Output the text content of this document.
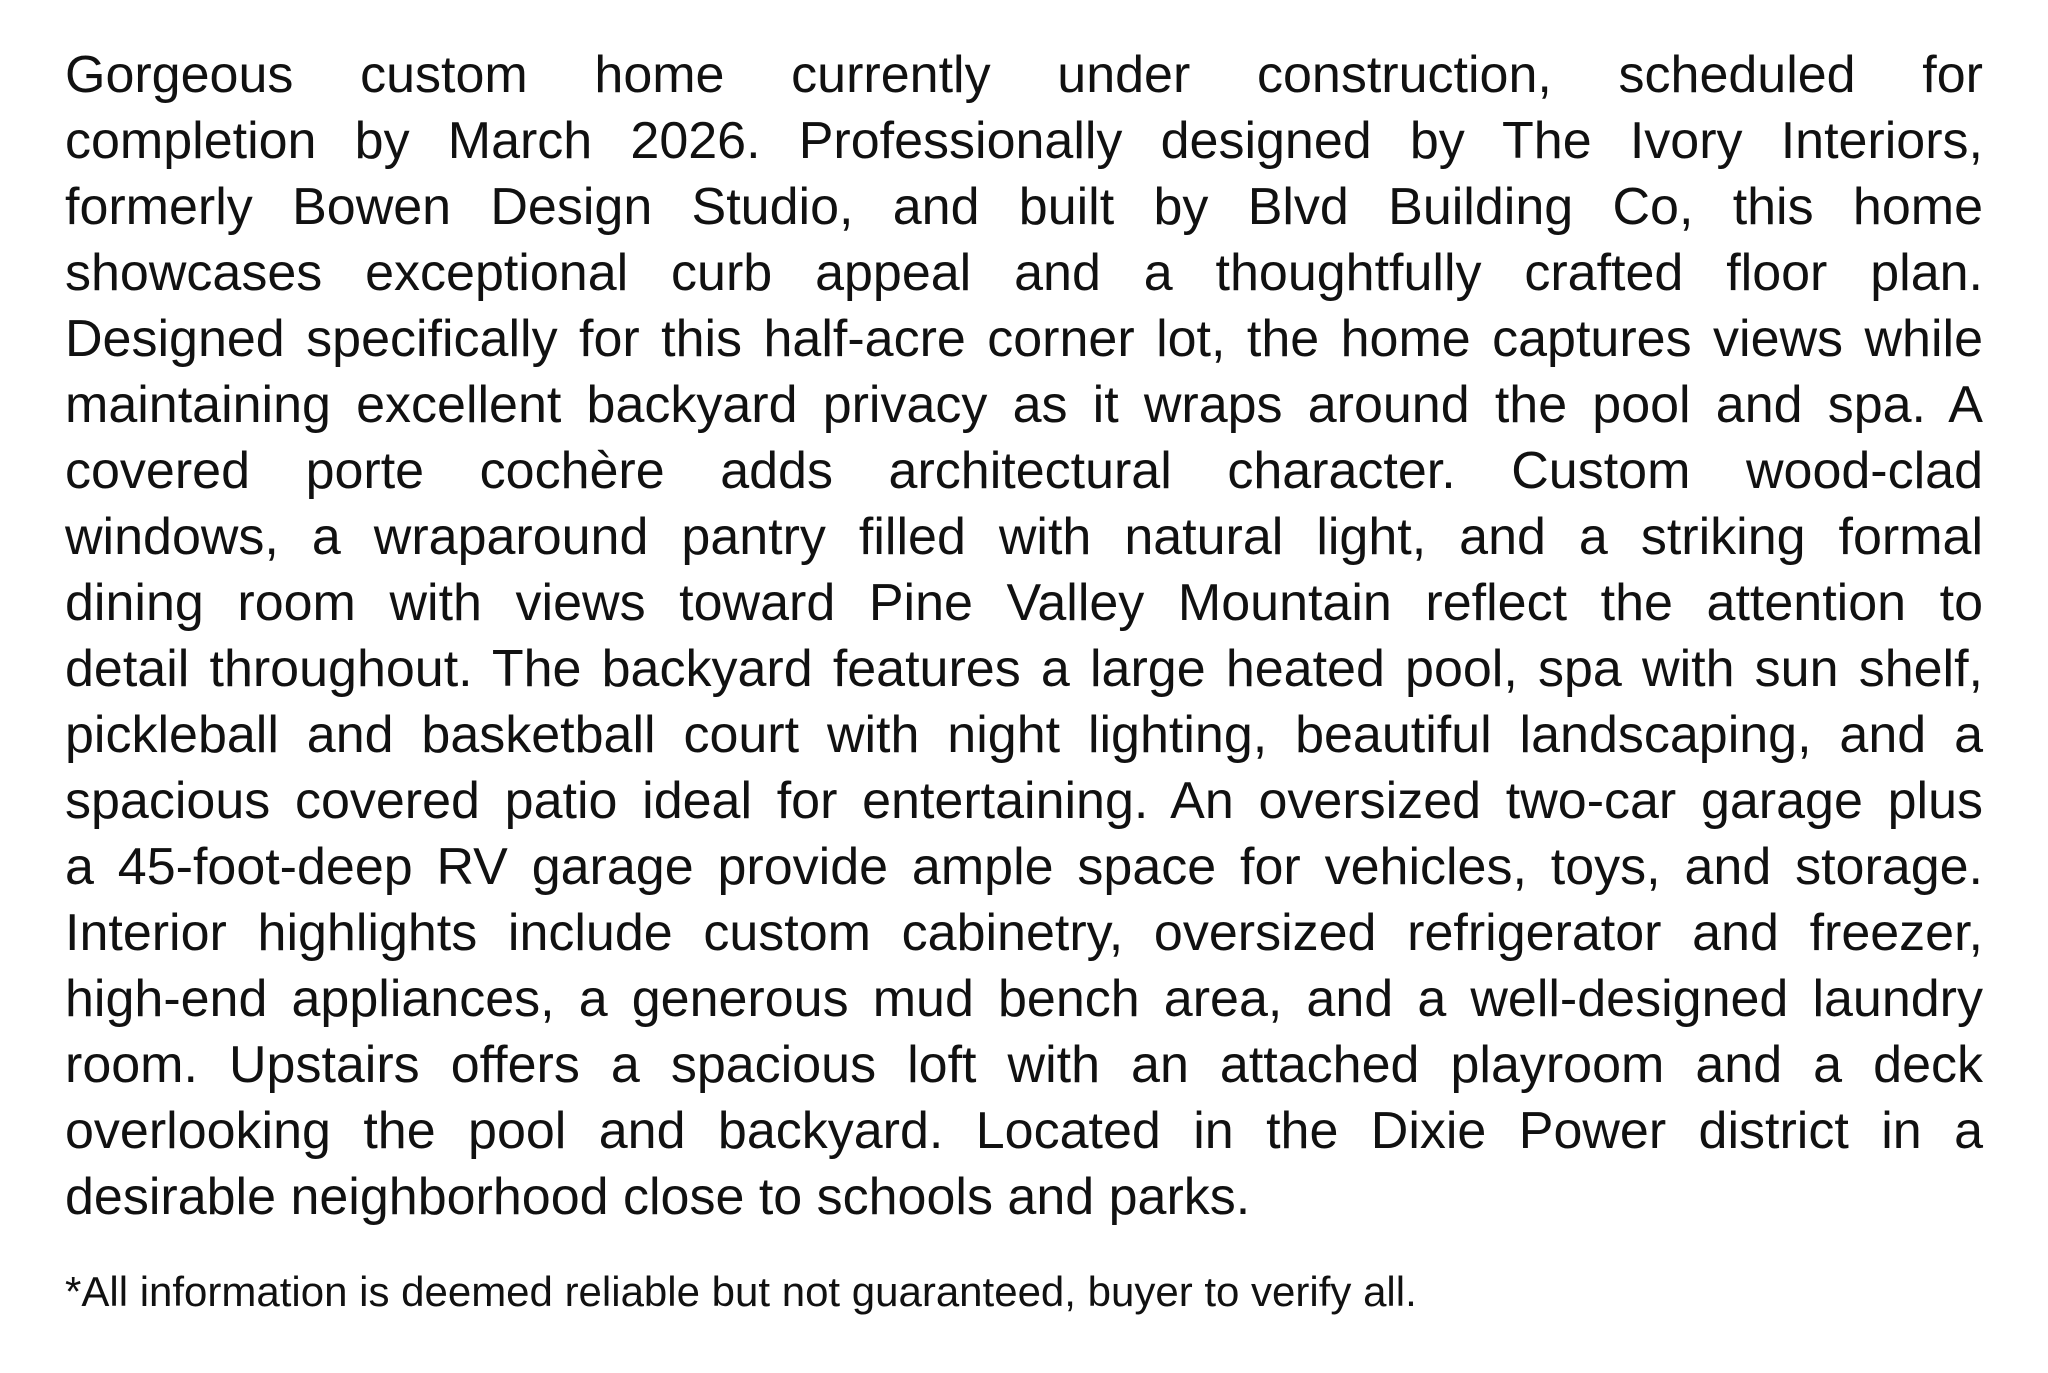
Gorgeous custom home currently under construction, scheduled for
completion by March 2026. Professionally designed by The Ivory Interiors,
formerly Bowen Design Studio, and built by Blvd Building Co, this home
showcases exceptional curb appeal and a thoughtfully crafted floor plan.
Designed specifically for this half-acre corner lot, the home captures views while
maintaining excellent backyard privacy as it wraps around the pool and spa. A
covered porte cochère adds architectural character. Custom wood-clad
windows, a wraparound pantry filled with natural light, and a striking formal
dining room with views toward Pine Valley Mountain reflect the attention to
detail throughout. The backyard features a large heated pool, spa with sun shelf,
pickleball and basketball court with night lighting, beautiful landscaping, and a
spacious covered patio ideal for entertaining. An oversized two-car garage plus
a 45-foot-deep RV garage provide ample space for vehicles, toys, and storage.
Interior highlights include custom cabinetry, oversized refrigerator and freezer,
high-end appliances, a generous mud bench area, and a well-designed laundry
room. Upstairs offers a spacious loft with an attached playroom and a deck
overlooking the pool and backyard. Located in the Dixie Power district in a
desirable neighborhood close to schools and parks.

*All information is deemed reliable but not guaranteed, buyer to verify all.
